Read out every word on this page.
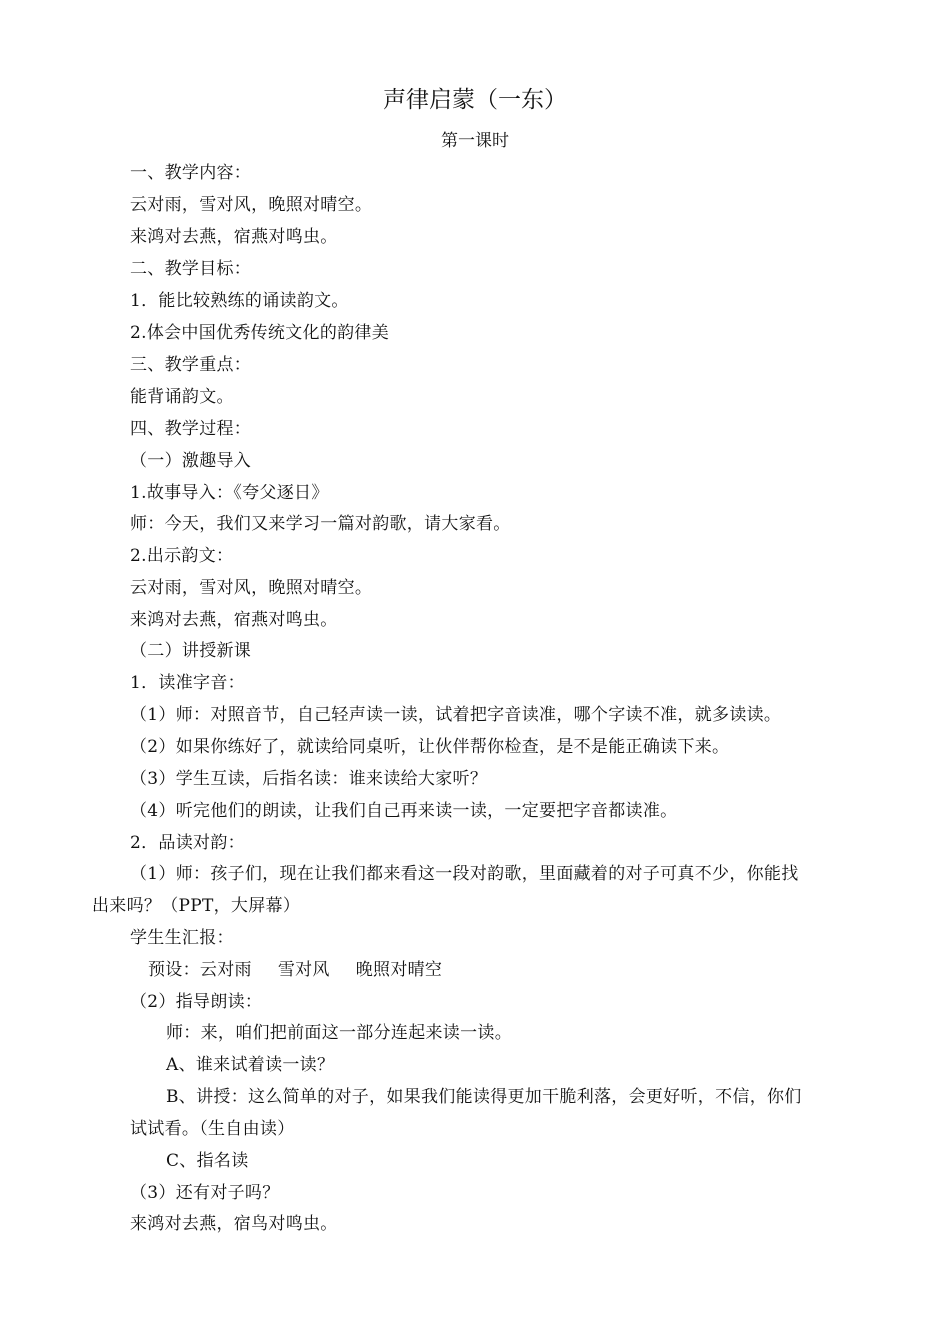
声律启蒙（一东）
第一课时
一、教学内容：
云对雨，雪对风，晚照对晴空。
来鸿对去燕，宿燕对鸣虫。
二、教学目标：
1．能比较熟练的诵读韵文。
2.体会中国优秀传统文化的韵律美
三、教学重点：
能背诵韵文。
四、教学过程：
（一）激趣导入
1.故事导入：《夸父逐日》
师：今天，我们又来学习一篇对韵歌，请大家看。
2.出示韵文：
云对雨，雪对风，晚照对晴空。
来鸿对去燕，宿燕对鸣虫。
（二）讲授新课
1．读准字音：
（1）师：对照音节，自己轻声读一读，试着把字音读准，哪个字读不准，就多读读。
（2）如果你练好了，就读给同桌听，让伙伴帮你检查，是不是能正确读下来。
（3）学生互读，后指名读：谁来读给大家听？
（4）听完他们的朗读，让我们自己再来读一读，一定要把字音都读准。
2．品读对韵：
（1）师：孩子们，现在让我们都来看这一段对韵歌，里面藏着的对子可真不少，你能找
出来吗？（PPT，大屏幕）
学生生汇报：
预设：云对雨 雪对风 晚照对晴空
（2）指导朗读：
师：来，咱们把前面这一部分连起来读一读。
A、谁来试着读一读？
B、讲授：这么简单的对子，如果我们能读得更加干脆利落，会更好听，不信，你们
试试看。（生自由读）
C、指名读
（3）还有对子吗？
来鸿对去燕，宿鸟对鸣虫。
